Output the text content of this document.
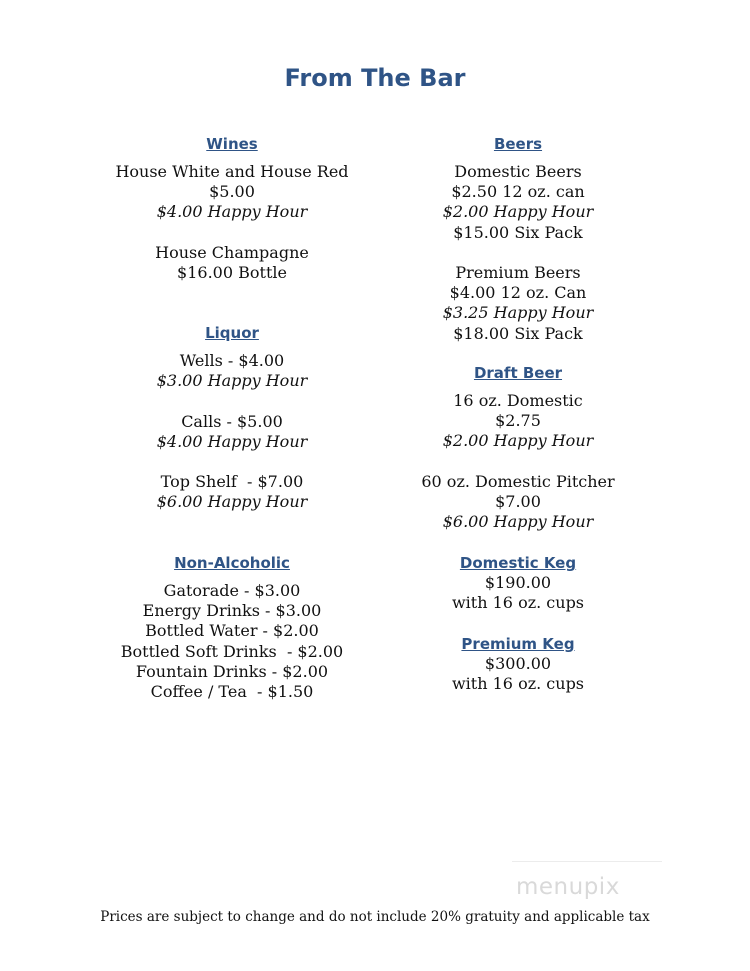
From The Bar
Wines
House White and House Red
$5.00
$4.00 Happy Hour

House Champagne
$16.00 Bottle
Liquor
Wells - $4.00
$3.00 Happy Hour

Calls - $5.00
$4.00 Happy Hour

Top Shelf  - $7.00
$6.00 Happy Hour
Non-Alcoholic
Gatorade - $3.00
Energy Drinks - $3.00
Bottled Water - $2.00
Bottled Soft Drinks  - $2.00
Fountain Drinks - $2.00
Coffee / Tea  - $1.50
Beers
Domestic Beers
$2.50 12 oz. can
$2.00 Happy Hour
$15.00 Six Pack

Premium Beers
$4.00 12 oz. Can
$3.25 Happy Hour
$18.00 Six Pack
Draft Beer
16 oz. Domestic
$2.75
$2.00 Happy Hour

60 oz. Domestic Pitcher
$7.00
$6.00 Happy Hour
Domestic Keg
$190.00
with 16 oz. cups
Premium Keg
$300.00
with 16 oz. cups
menupix
Prices are subject to change and do not include 20% gratuity and applicable tax
